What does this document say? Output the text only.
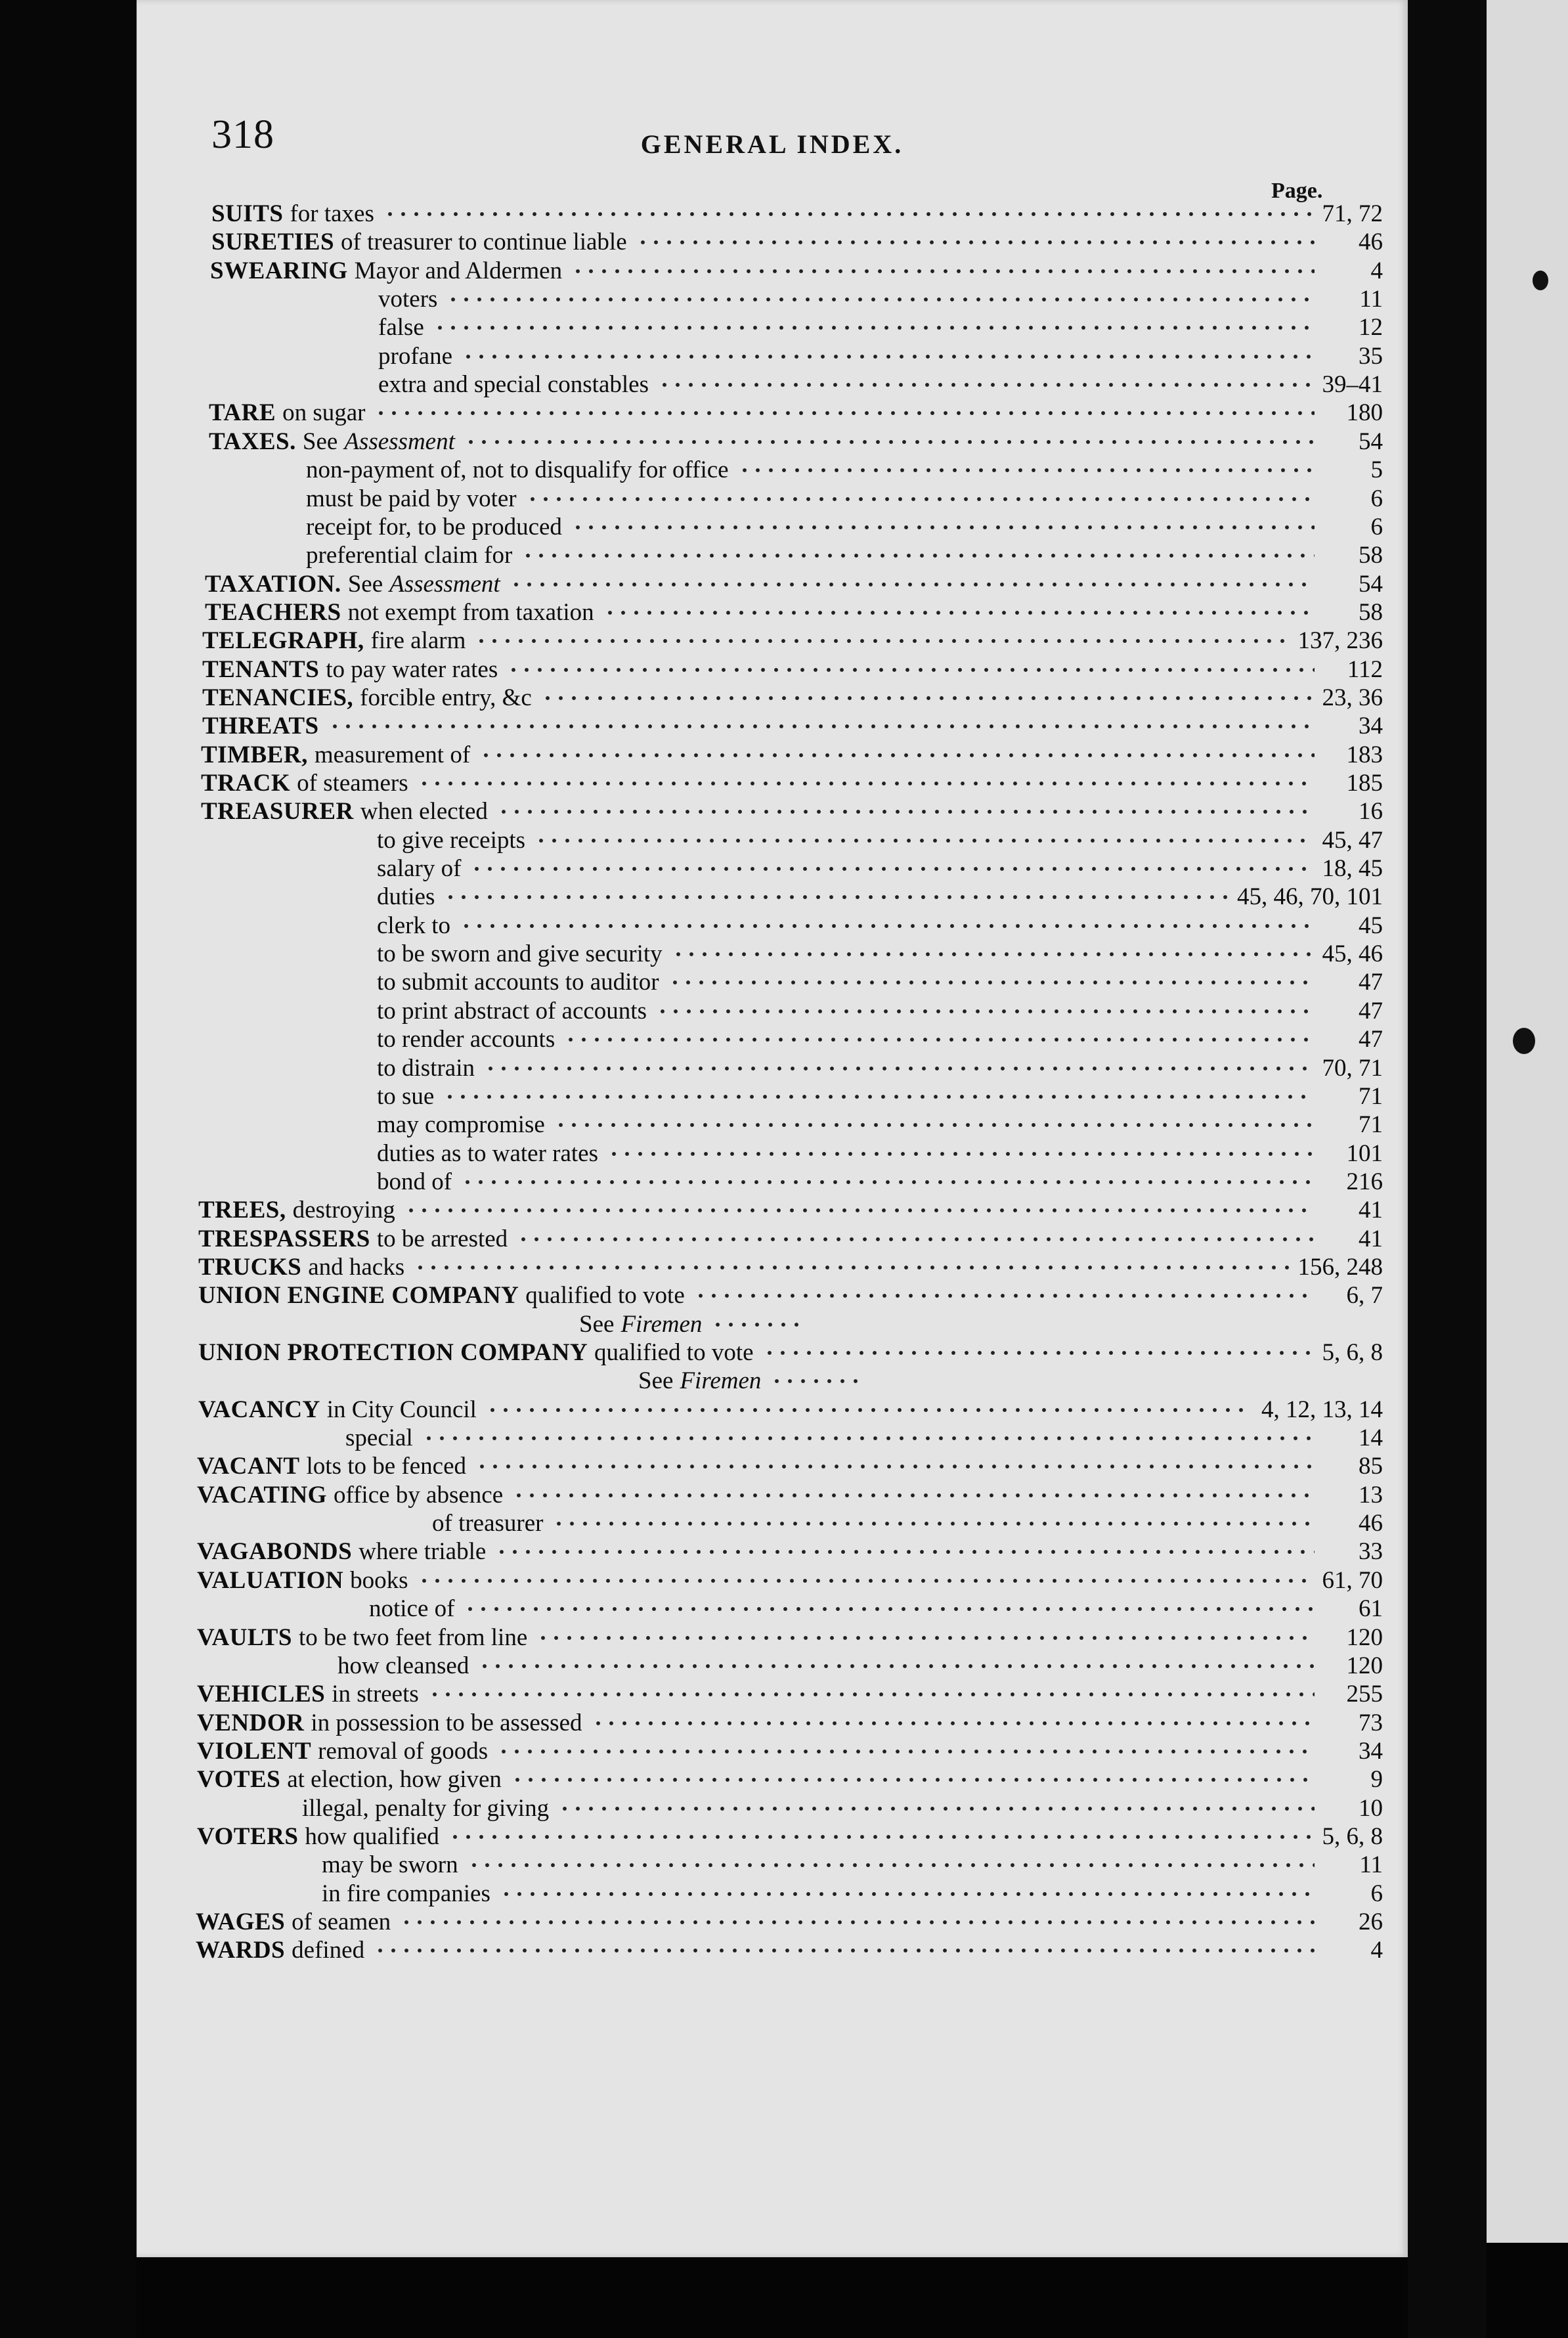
318	GENERAL INDEX.
Page.
SUITS for taxes	71, 72
SURETIES of treasurer to continue liable	46
SWEARING Mayor and Aldermen	4
voters	11
false	12
profane	35
extra and special constables	39–41
TARE on sugar	180
TAXES. See Assessment	54
non-payment of, not to disqualify for office	5
must be paid by voter	6
receipt for, to be produced	6
preferential claim for	58
TAXATION. See Assessment	54
TEACHERS not exempt from taxation	58
TELEGRAPH, fire alarm	137, 236
TENANTS to pay water rates	112
TENANCIES, forcible entry, &c	23, 36
THREATS	34
TIMBER, measurement of	183
TRACK of steamers	185
TREASURER when elected	16
to give receipts	45, 47
salary of	18, 45
duties	45, 46, 70, 101
clerk to	45
to be sworn and give security	45, 46
to submit accounts to auditor	47
to print abstract of accounts	47
to render accounts	47
to distrain	70, 71
to sue	71
may compromise	71
duties as to water rates	101
bond of	216
TREES, destroying	41
TRESPASSERS to be arrested	41
TRUCKS and hacks	156, 248
UNION ENGINE COMPANY qualified to vote	6, 7
See Firemen
UNION PROTECTION COMPANY qualified to vote	5, 6, 8
See Firemen
VACANCY in City Council	4, 12, 13, 14
special	14
VACANT lots to be fenced	85
VACATING office by absence	13
of treasurer	46
VAGABONDS where triable	33
VALUATION books	61, 70
notice of	61
VAULTS to be two feet from line	120
how cleansed	120
VEHICLES in streets	255
VENDOR in possession to be assessed	73
VIOLENT removal of goods	34
VOTES at election, how given	9
illegal, penalty for giving	10
VOTERS how qualified	5, 6, 8
may be sworn	11
in fire companies	6
WAGES of seamen	26
WARDS defined	4
